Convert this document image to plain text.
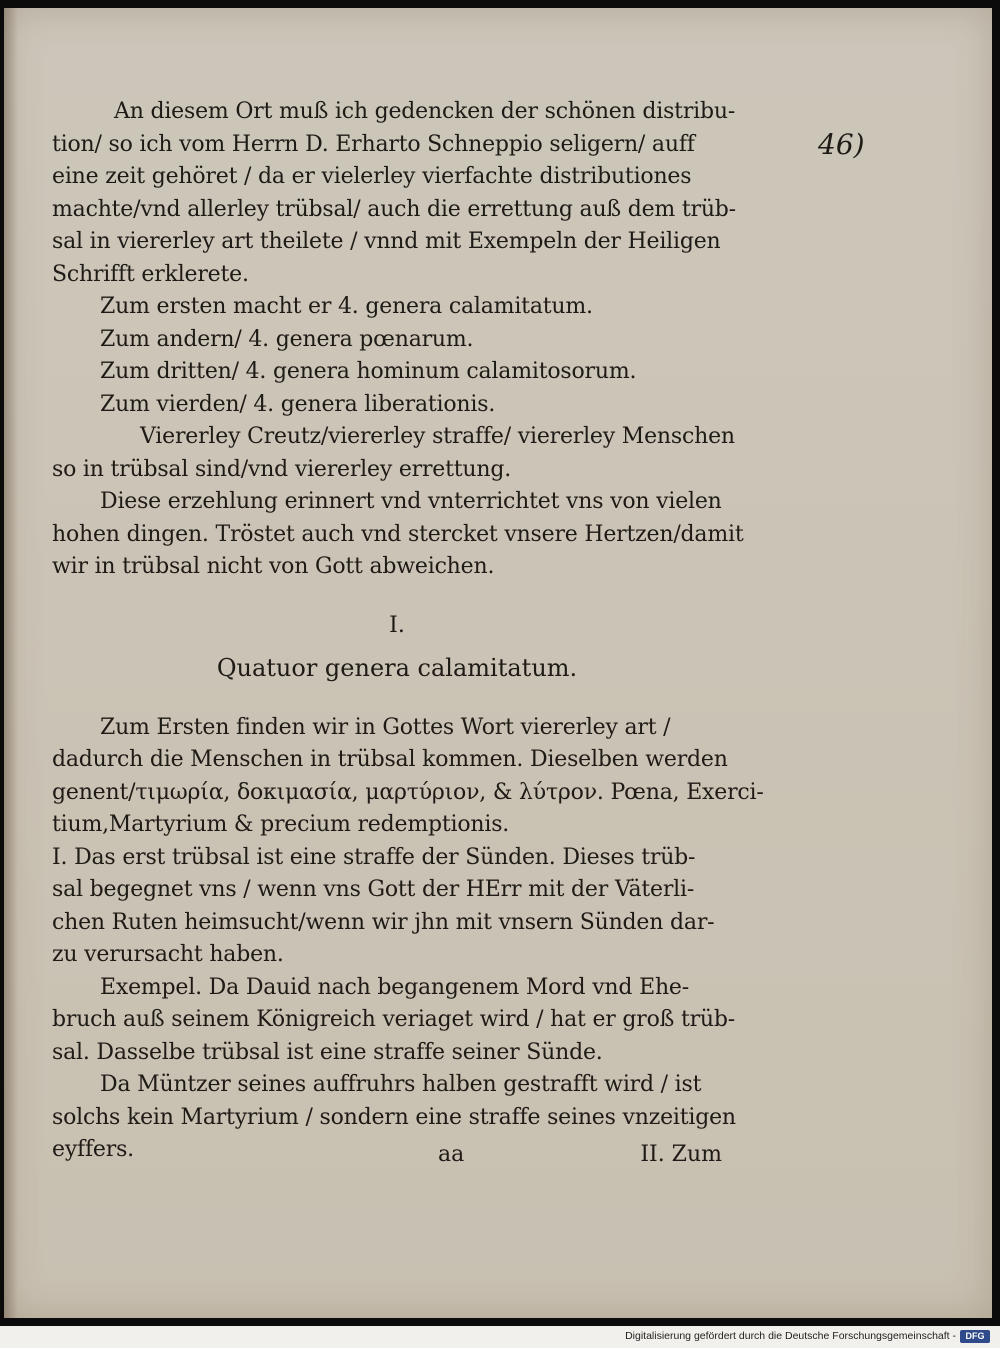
46)
An diesem Ort muß ich gedencken der schönen distribu‑
tion/ so ich vom Herrn D. Erharto Schneppio seligern/ auff
eine zeit gehöret / da er vielerley vierfachte distributiones
machte/vnd allerley trübsal/ auch die errettung auß dem trüb‑
sal in viererley art theilete / vnnd mit Exempeln der Heiligen
Schrifft erklerete.
Zum ersten macht er 4. genera calamitatum.
Zum andern/ 4. genera pœnarum.
Zum dritten/ 4. genera hominum calamitosorum.
Zum vierden/ 4. genera liberationis.
Viererley Creutz/viererley straffe/ viererley Menschen
so in trübsal sind/vnd viererley errettung.
Diese erzehlung erinnert vnd vnterrichtet vns von vielen
hohen dingen. Tröstet auch vnd stercket vnsere Hertzen/damit
wir in trübsal nicht von Gott abweichen.
I.
Quatuor genera calamitatum.
Zum Ersten finden wir in Gottes Wort viererley art /
dadurch die Menschen in trübsal kommen. Dieselben werden
genent/τιμωρία, δοκιμασία, μαρτύριον, & λύτρον. Pœna, Exerci‑
tium,Martyrium & precium redemptionis.
I. Das erst trübsal ist eine straffe der Sünden. Dieses trüb‑
sal begegnet vns / wenn vns Gott der HErr mit der Väterli‑
chen Ruten heimsucht/wenn wir jhn mit vnsern Sünden dar‑
zu verursacht haben.
Exempel. Da Dauid nach begangenem Mord vnd Ehe‑
bruch auß seinem Königreich veriaget wird / hat er groß trüb‑
sal. Dasselbe trübsal ist eine straffe seiner Sünde.
Da Müntzer seines auffruhrs halben gestrafft wird / ist
solchs kein Martyrium / sondern eine straffe seines vnzeitigen
eyffers.	aa	II. Zum
Digitalisierung gefördert durch die Deutsche Forschungsgemeinschaft -	DFG
